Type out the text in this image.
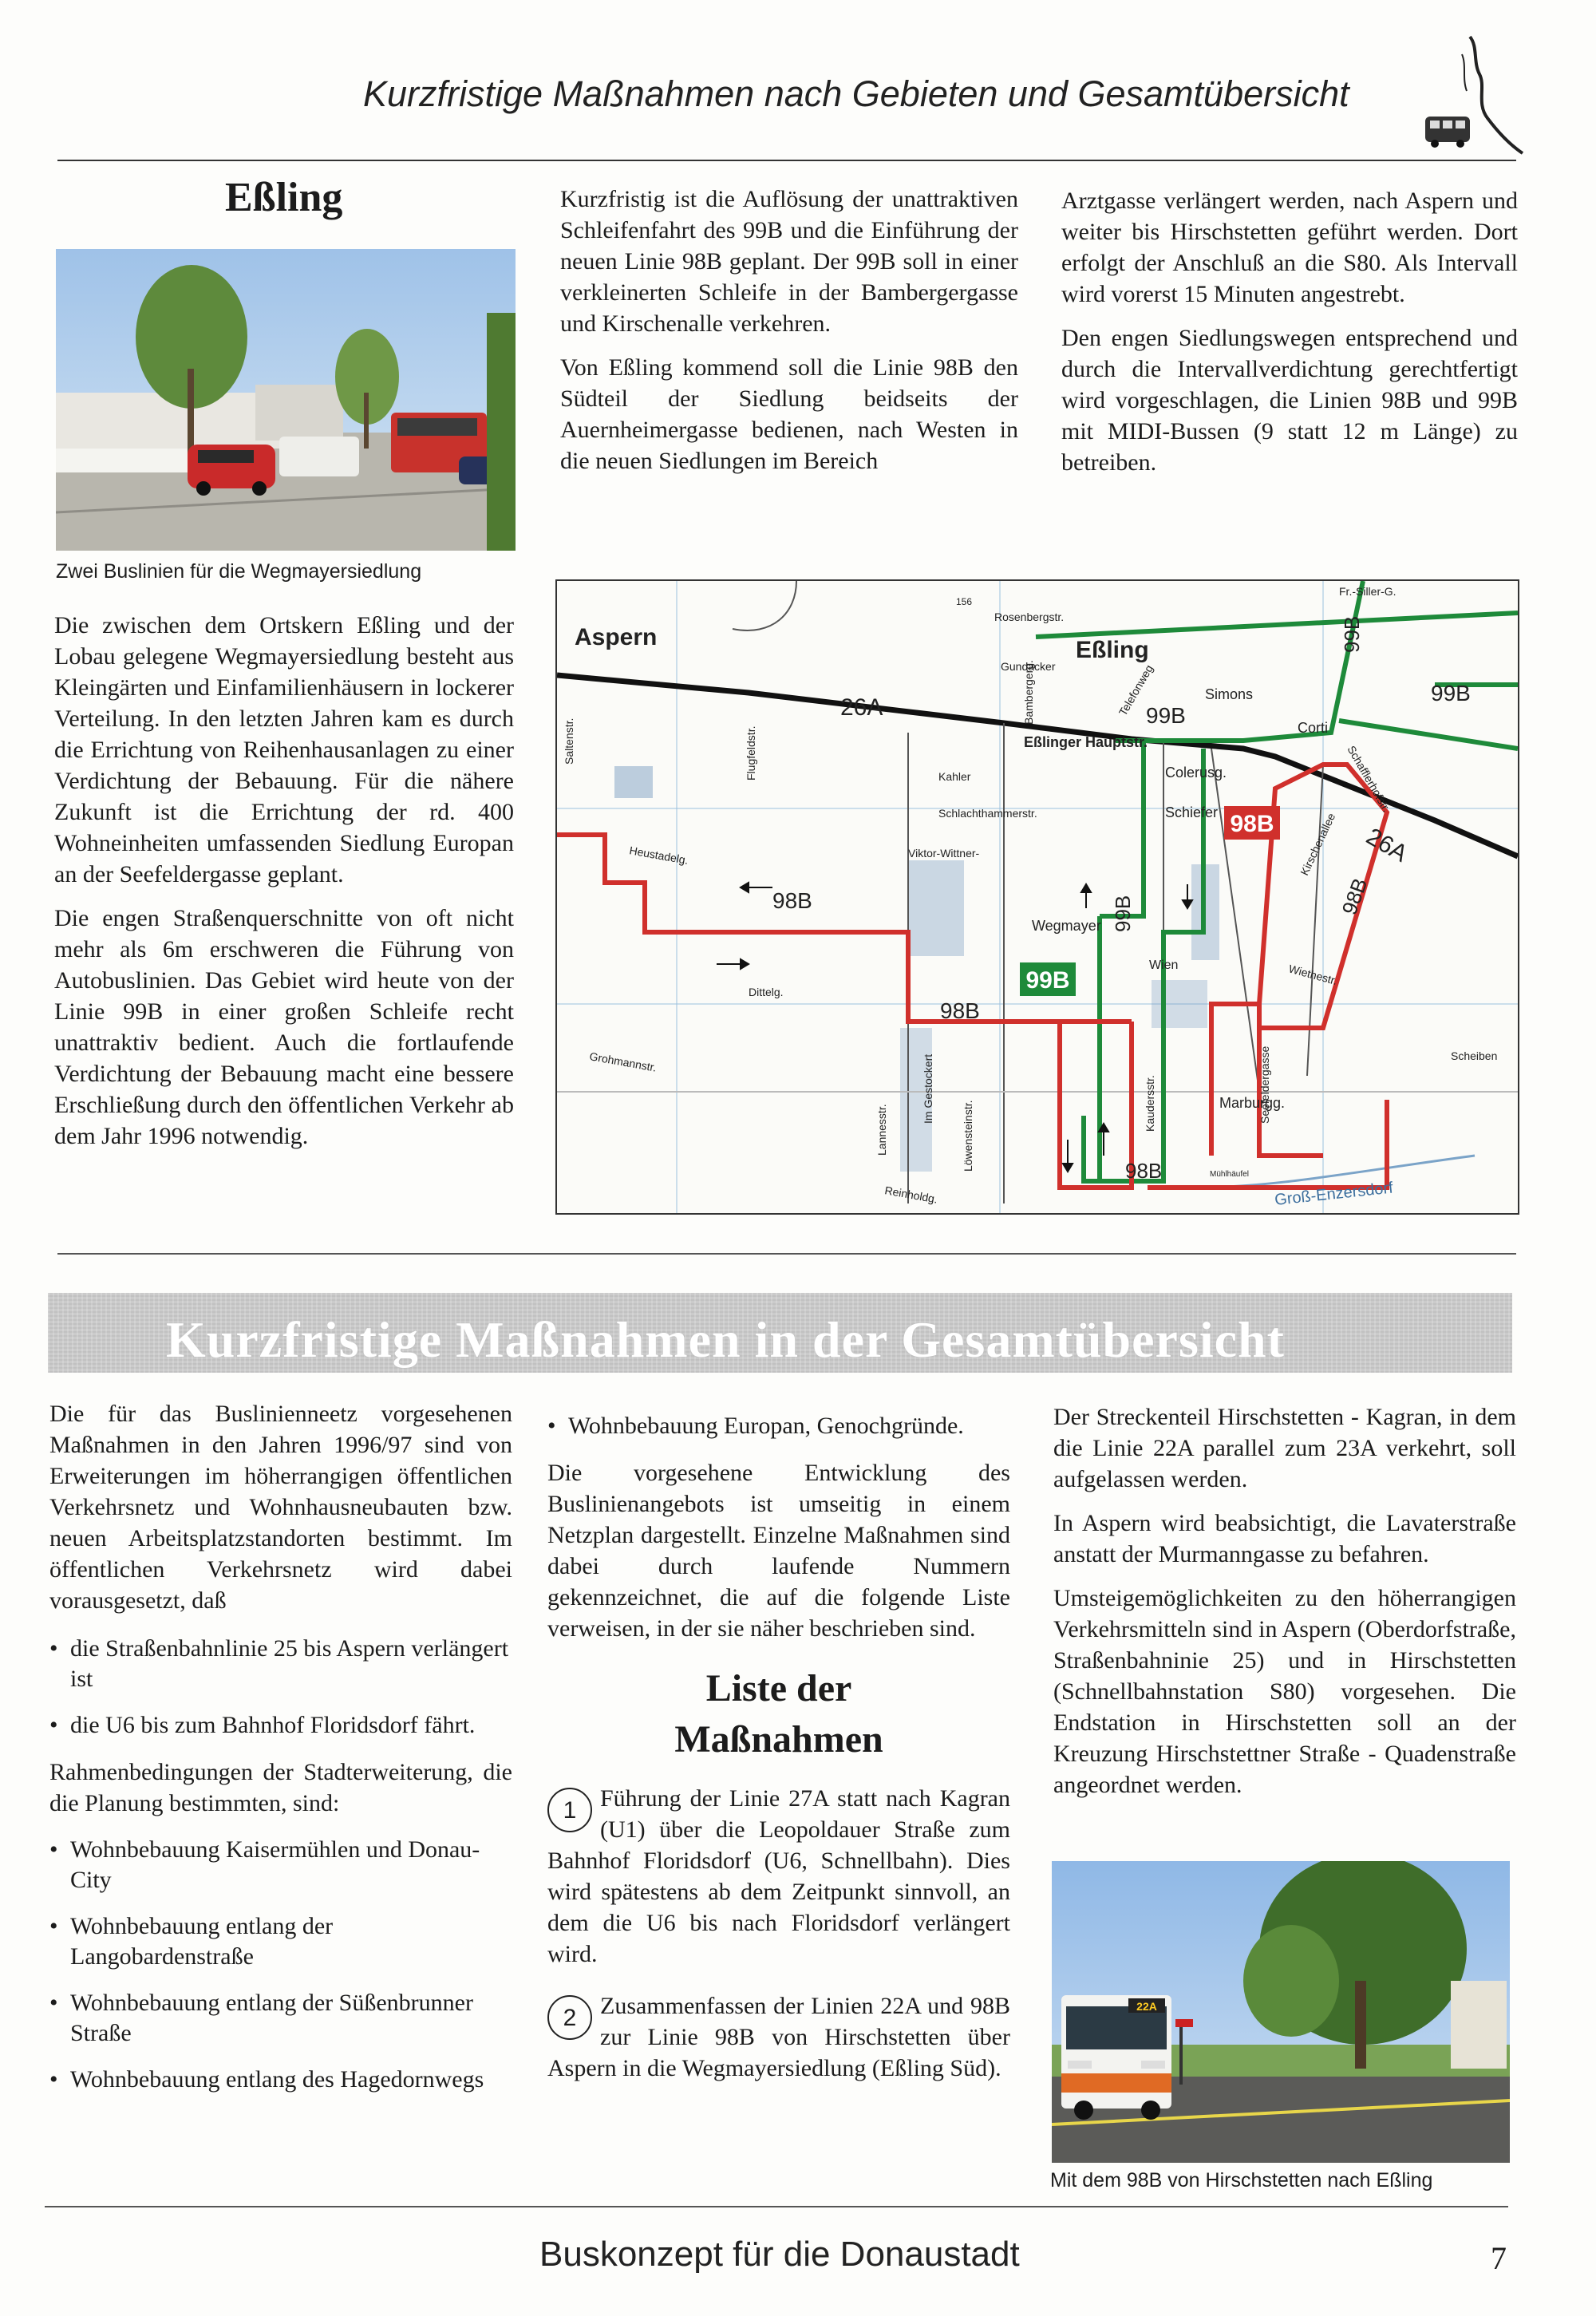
Kurzfristige Maßnahmen nach Gebieten und Gesamtübersicht
Eßling
Zwei Buslinien für die Wegmayersiedlung

Die zwischen dem Ortskern Eßling und der Lobau gelegene Wegmayersiedlung besteht aus Kleingärten und Einfamilienhäusern in lockerer Verteilung. In den letzten Jahren kam es durch die Errichtung von Reihenhausanlagen zu einer Verdichtung der Bebauung. Für die nähere Zukunft ist die Errichtung der rd. 400 Wohneinheiten umfassenden Siedlung Europan an der Seefeldergasse geplant.

Die engen Straßenquerschnitte von oft nicht mehr als 6m erschweren die Führung von Autobuslinien. Das Gebiet wird heute von der Linie 99B in einer großen Schleife recht unattraktiv bedient. Auch die fortlaufende Verdichtung der Bebauung macht eine bessere Erschließung durch den öffentlichen Verkehr ab dem Jahr 1996 notwendig.

Kurzfristig ist die Auflösung der unattraktiven Schleifenfahrt des 99B und die Einführung der neuen Linie 98B geplant. Der 99B soll in einer verkleinerten Schleife in der Bambergergasse und Kirschenalle verkehren.

Von Eßling kommend soll die Linie 98B den Südteil der Siedlung beidseits der Auernheimergasse bedienen, nach Westen in die neuen Siedlungen im Bereich

Arztgasse verlängert werden, nach Aspern und weiter bis Hirschstetten geführt werden. Dort erfolgt der Anschluß an die S80. Als Intervall wird vorerst 15 Minuten angestrebt.

Den engen Siedlungswegen entsprechend und durch die Intervallverdichtung gerechtfertigt wird vorgeschlagen, die Linien 98B und 99B mit MIDI-Bussen (9 statt 12 m Länge) zu betreiben.

98B
99B
Aspern	Eßling
26A
98B
99B
26A
99B
98B
98B
99B
98B
99B
Rosenbergstr.
Gundacker
Heustadelg.
Flugfeldstr.
Schlachthammerstr.
Viktor-Wittner-
Wegmayer
Colerusg.
Schiefer
Kaudersstr.
Mühlhäufel
Seefeldergasse
Groß-Enzersdorf
Wiethestr.
Kirschenallee
Kahler
Grohmannstr.
Saltenstr.
Reinholdg.
Lannesstr.
Fr.-Siller-G.
Schafflerhofstr.
Scheiben
Marburgg.
Corti
Simons
Dittelg.
Löwensteinstr.
Im Gestockert
Eßlinger Hauptstr.
Telefonweg
Wien
Bambergerg.
156
Kurzfristige Maßnahmen in der Gesamtübersicht

Die für das Buslinienneetz vorgesehenen Maßnahmen in den Jahren 1996/97 sind von Erweiterungen im höherrangigen öffentlichen Verkehrsnetz und Wohnhausneubauten bzw. neuen Arbeitsplatzstandorten bestimmt. Im öffentlichen Verkehrsnetz wird dabei vorausgesetzt, daß

• die Straßenbahnlinie 25 bis Aspern verlängert ist
• die U6 bis zum Bahnhof Floridsdorf fährt.

Rahmenbedingungen der Stadterweiterung, die die Planung bestimmten, sind:

• Wohnbebauung Kaisermühlen und Donau-City
• Wohnbebauung entlang der Langobardenstraße
• Wohnbebauung entlang der Süßenbrunner Straße
• Wohnbebauung entlang des Hagedornwegs
• Wohnbebauung Europan, Genochgründe.

Die vorgesehene Entwicklung des Buslinienangebots ist umseitig in einem Netzplan dargestellt. Einzelne Maßnahmen sind dabei durch laufende Nummern gekennzeichnet, die auf die folgende Liste verweisen, in der sie näher beschrieben sind.

Liste der
Maßnahmen
1 Führung der Linie 27A statt nach Kagran (U1) über die Leopoldauer Straße zum Bahnhof Floridsdorf (U6, Schnellbahn). Dies wird spätestens ab dem Zeitpunkt sinnvoll, an dem die U6 bis nach Floridsdorf verlängert wird.
2 Zusammenfassen der Linien 22A und 98B zur Linie 98B von Hirschstetten über Aspern in die Wegmayersiedlung (Eßling Süd).

Der Streckenteil Hirschstetten - Kagran, in dem die Linie 22A parallel zum 23A verkehrt, soll aufgelassen werden.

In Aspern wird beabsichtigt, die Lavaterstraße anstatt der Murmanngasse zu befahren.

Umsteigemöglichkeiten zu den höherrangigen Verkehrsmitteln sind in Aspern (Oberdorfstraße, Straßenbahninie 25) und in Hirschstetten (Schnellbahnstation S80) vorgesehen. Die Endstation in Hirschstetten soll an der Kreuzung Hirschstettner Straße - Quadenstraße angeordnet werden.

22A
Mit dem 98B von Hirschstetten nach Eßling
Buskonzept für die Donaustadt	7
